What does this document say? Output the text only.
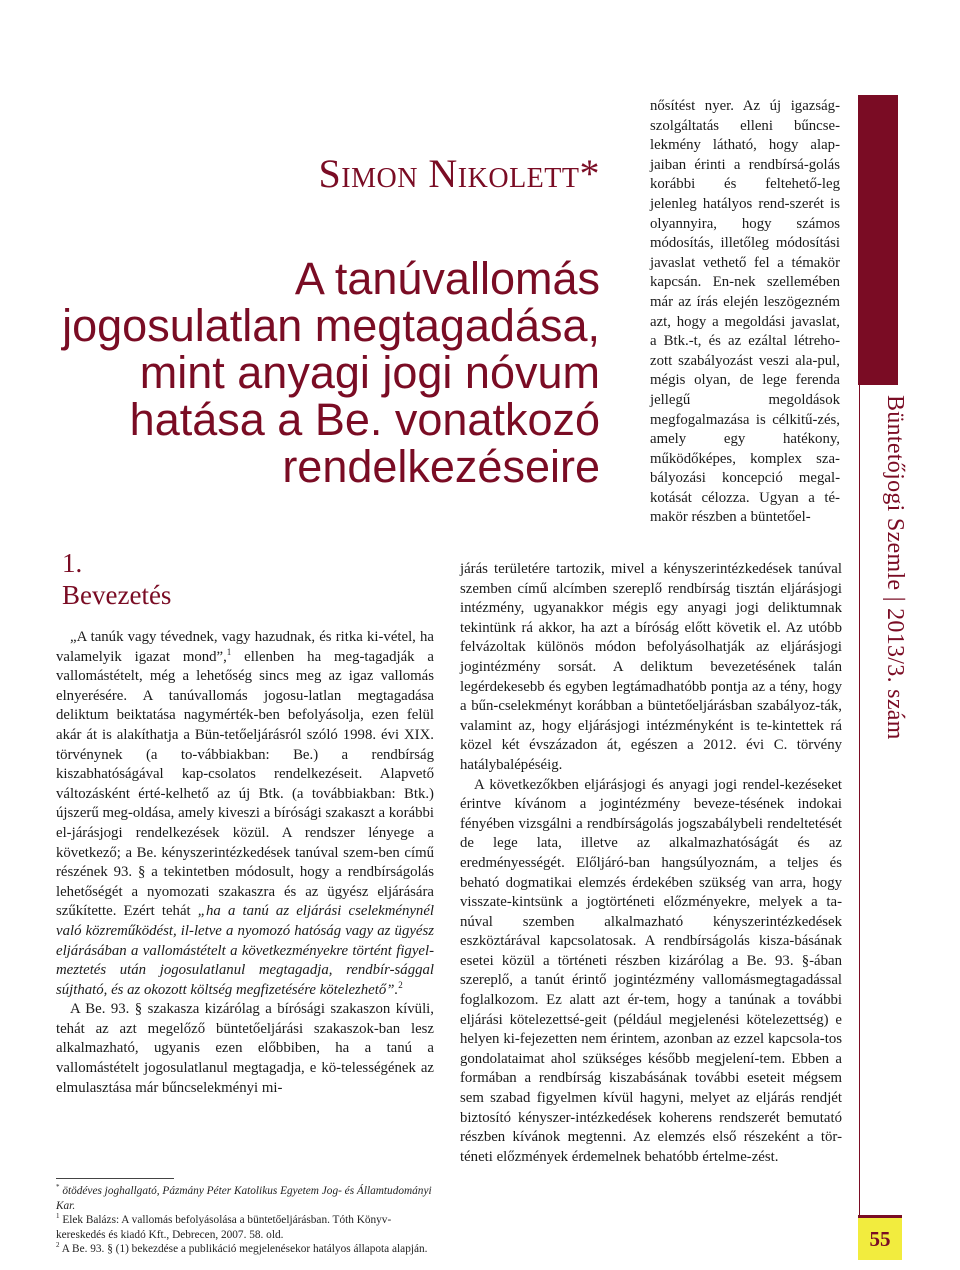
Büntetőjogi Szemle | 2013/3. szám
55
Simon Nikolett*
A tanúvallomás
jogosulatlan megtagadása,
mint anyagi jogi nóvum
hatása a Be. vonatkozó
rendelkezéseire
nősítést nyer. Az új igazság-szolgáltatás elleni bűncse-lekmény látható, hogy alap-jaiban érinti a rendbírsá-golás korábbi és feltehető-leg jelenleg hatályos rend-szerét is olyannyira, hogy számos módosítás, illetőleg módosítási javaslat vethető fel a témakör kapcsán. En-nek szellemében már az írás elején leszögezném azt, hogy a megoldási javaslat, a Btk.-t, és az ezáltal létreho-zott szabályozást veszi ala-pul, mégis olyan, de lege ferenda jellegű megoldások megfogalmazása is célkitű-zés, amely egy hatékony, működőképes, komplex sza-bályozási koncepció megal-kotását célozza. Ugyan a té-makör részben a büntetőel-
1.
Bevezetés

„A tanúk vagy tévednek, vagy hazudnak, és ritka ki-vétel, ha valamelyik igazat mond”,$^1$ ellenben ha meg-tagadják a vallomástételt, még a lehetőség sincs meg az igaz vallomás elnyerésére. A tanúvallomás jogosu-latlan megtagadása deliktum beiktatása nagymérték-ben befolyásolja, ezen felül akár át is alakíthatja a Bün-tetőeljárásról szóló 1998. évi XIX. törvénynek (a to-vábbiakban: Be.) a rendbírság kiszabhatóságával kap-csolatos rendelkezéseit. Alapvető változásként érté-kelhető az új Btk. (a továbbiakban: Btk.) újszerű meg-oldása, amely kiveszi a bírósági szakaszt a korábbi el-járásjogi rendelkezések közül. A rendszer lényege a következő; a Be. kényszerintézkedések tanúval szem-ben című részének 93. § a tekintetben módosult, hogy a rendbírságolás lehetőségét a nyomozati szakaszra és az ügyész eljárására szűkítette. Ezért tehát „ha a tanú az eljárási cselekménynél való közreműködést, il-letve a nyomozó hatóság vagy az ügyész eljárásában a vallomástételt a következményekre történt figyel-meztetés után jogosulatlanul megtagadja, rendbír-sággal sújtható, és az okozott költség megfizetésére kötelezhető”.$^2$

A Be. 93. § szakasza kizárólag a bírósági szakaszon kívüli, tehát az azt megelőző büntetőeljárási szakaszok-ban lesz alkalmazható, ugyanis ezen előbbiben, ha a tanú a vallomástételt jogosulatlanul megtagadja, e kö-telességének az elmulasztása már bűncselekményi mi-

járás területére tartozik, mivel a kényszerintézkedések tanúval szemben című alcímben szereplő rendbírság tisztán eljárásjogi intézmény, ugyanakkor mégis egy anyagi jogi deliktumnak tekintünk rá akkor, ha azt a bíróság előtt követik el. Az utóbb felvázoltak különös módon befolyásolhatják az eljárásjogi jogintézmény sorsát. A deliktum bevezetésének talán legérdekesebb és egyben legtámadhatóbb pontja az a tény, hogy a bűn-cselekményt korábban a büntetőeljárásban szabályoz-ták, valamint az, hogy eljárásjogi intézményként is te-kintettek rá közel két évszázadon át, egészen a 2012. évi C. törvény hatálybalépéséig.

A következőkben eljárásjogi és anyagi jogi rendel-kezéseket érintve kívánom a jogintézmény beveze-tésének indokai fényében vizsgálni a rendbírságolás jogszabálybeli rendeltetését de lege lata, illetve az alkalmazhatóságát és az eredményességét. Előljáró-ban hangsúlyoznám, a teljes és beható dogmatikai elemzés érdekében szükség van arra, hogy visszate-kintsünk a jogtörténeti előzményekre, melyek a ta-núval szemben alkalmazható kényszerintézkedések eszköztárával kapcsolatosak. A rendbírságolás kisza-básának esetei közül a történeti részben kizárólag a Be. 93. §-ában szereplő, a tanút érintő jogintézmény vallomásmegtagadással foglalkozom. Ez alatt azt ér-tem, hogy a tanúnak a további eljárási kötelezettsé-geit (például megjelenési kötelezettség) e helyen ki-fejezetten nem érintem, azonban az ezzel kapcsola-tos gondolataimat ahol szükséges később megjelení-tem. Ebben a formában a rendbírság kiszabásának további eseteit mégsem sem szabad figyelmen kívül hagyni, melyet az eljárás rendjét biztosító kényszer-intézkedések koherens rendszerét bemutató részben kívánok megtenni. Az elemzés első részeként a tör-téneti előzmények érdemelnek behatóbb értelme-zést.

* ötödéves joghallgató, Pázmány Péter Katolikus Egyetem Jog- és Államtudományi Kar.

$^1$ Elek Balázs: A vallomás befolyásolása a büntetőeljárásban. Tóth Könyv-kereskedés és kiadó Kft., Debrecen, 2007. 58. old.

$^2$ A Be. 93. § (1) bekezdése a publikáció megjelenésekor hatályos állapota alapján.
